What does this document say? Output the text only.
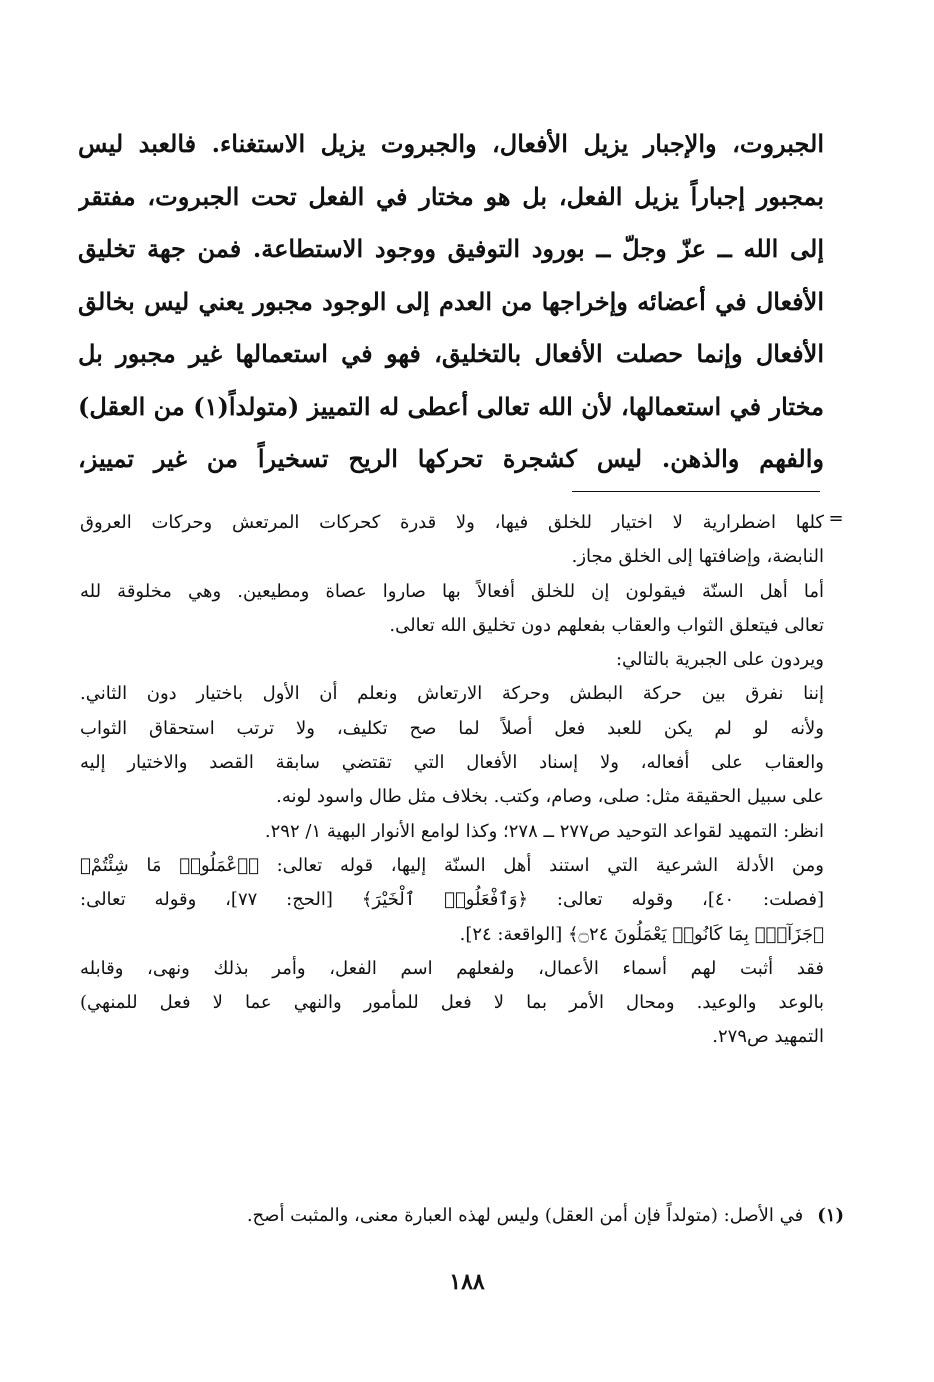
الجبروت، والإجبار يزيل الأفعال، والجبروت يزيل الاستغناء. فالعبد ليس
بمجبور إجباراً يزيل الفعل، بل هو مختار في الفعل تحت الجبروت، مفتقر
إلى الله ــ عزّ وجلّ ــ بورود التوفيق ووجود الاستطاعة. فمن جهة تخليق
الأفعال في أعضائه وإخراجها من العدم إلى الوجود مجبور يعني ليس بخالق
الأفعال وإنما حصلت الأفعال بالتخليق، فهو في استعمالها غير مجبور بل
مختار في استعمالها، لأن الله تعالى أعطى له التمييز (متولداً(١) من العقل)
والفهم والذهن. ليس كشجرة تحركها الريح تسخيراً من غير تمييز،
=
كلها اضطرارية لا اختيار للخلق فيها، ولا قدرة كحركات المرتعش وحركات العروق
النابضة، وإضافتها إلى الخلق مجاز.
أما أهل السنّة فيقولون إن للخلق أفعالاً بها صاروا عصاة ومطيعين. وهي مخلوقة لله
تعالى فيتعلق الثواب والعقاب بفعلهم دون تخليق الله تعالى.
ويردون على الجبرية بالتالي:
إننا نفرق بين حركة البطش وحركة الارتعاش ونعلم أن الأول باختيار دون الثاني.
ولأنه لو لم يكن للعبد فعل أصلاً لما صح تكليف، ولا ترتب استحقاق الثواب
والعقاب على أفعاله، ولا إسناد الأفعال التي تقتضي سابقة القصد والاختيار إليه
على سبيل الحقيقة مثل: صلى، وصام، وكتب. بخلاف مثل طال واسود لونه.
انظر: التمهيد لقواعد التوحيد ص٢٧٧ ــ ٢٧٨؛ وكذا لوامع الأنوار البهية ١/ ٢٩٢.
ومن الأدلة الشرعية التي استند أهل السنّة إليها، قوله تعالى: ﴿ٱعْمَلُوا۟ مَا شِئْتُمْ﴾
[فصلت: ٤٠]، وقوله تعالى: ﴿وَٱفْعَلُوا۟ ٱلْخَيْرَ﴾ [الحج: ٧٧]، وقوله تعالى:
﴿جَزَآءًۢ بِمَا كَانُوا۟ يَعْمَلُونَ ۝٢٤﴾ [الواقعة: ٢٤].
فقد أثبت لهم أسماء الأعمال، ولفعلهم اسم الفعل، وأمر بذلك ونهى، وقابله
بالوعد والوعيد. ومحال الأمر بما لا فعل للمأمور والنهي عما لا فعل للمنهي)
التمهيد ص٢٧٩.
(١)في الأصل: (متولداً فإن أمن العقل) وليس لهذه العبارة معنى، والمثبت أصح.
١٨٨
